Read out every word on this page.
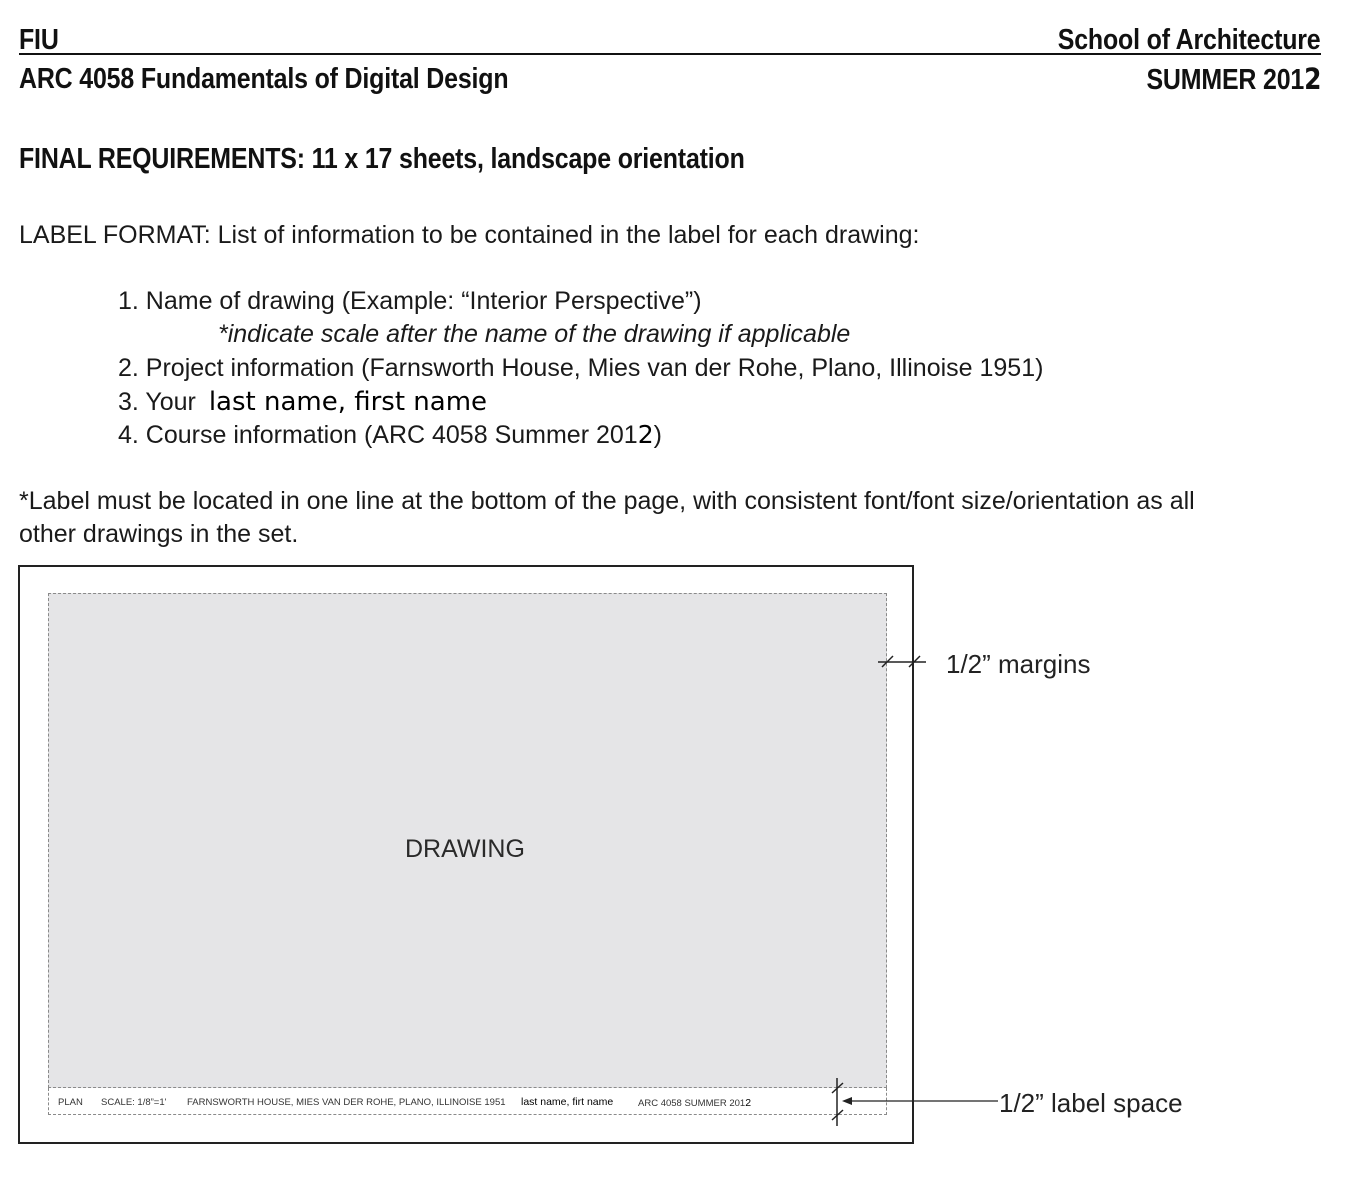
FIU	School of Architecture
ARC 4058 Fundamentals of Digital Design	SUMMER 2012
FINAL REQUIREMENTS: 11 x 17 sheets, landscape orientation
LABEL FORMAT: List of information to be contained in the label for each drawing:
1. Name of drawing (Example: “Interior Perspective”)
*indicate scale after the name of the drawing if applicable
2. Project information (Farnsworth House, Mies van der Rohe, Plano, Illinoise 1951)
3. Your last name, first name
4. Course information (ARC 4058 Summer 2012)
*Label must be located in one line at the bottom of the page, with consistent font/font size/orientation as all
other drawings in the set.
DRAWING
PLAN SCALE: 1/8”=1' FARNSWORTH HOUSE, MIES VAN DER ROHE, PLANO, ILLINOISE 1951 last name, firt name	ARC 4058 SUMMER 2012
1/2” margins
1/2” label space
